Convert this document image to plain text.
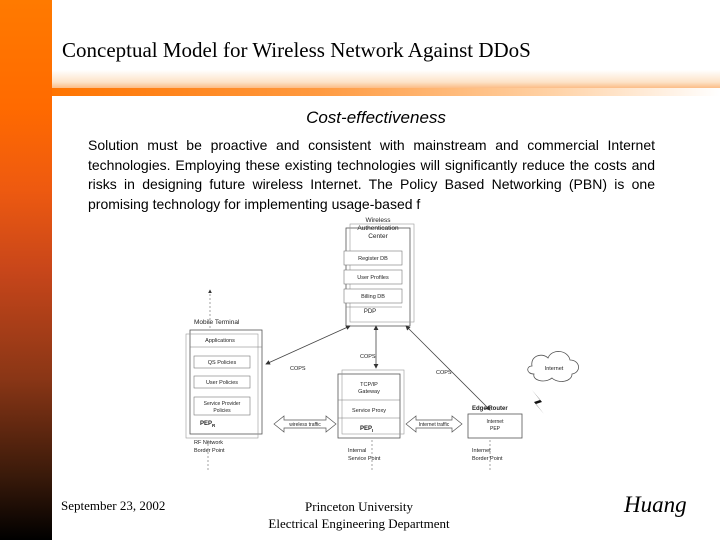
Conceptual Model for Wireless Network Against DDoS
Cost-effectiveness
Solution must be proactive and consistent with mainstream and commercial Internet technologies. Employing these existing technologies will significantly reduce the costs and risks in designing future wireless Internet. The Policy Based Networking (PBN) is one promising technology for implementing usage-based f
Wireless
Authentication
Center
Register DB
User Profiles
Billing DB
PDP
Mobile Terminal
Applications
QS Policies
User Policies
Service Provider
Policies
$PEP_R$
TCP/IP
Gateway
Service Proxy
$PEP_I$
Edge Router
Internet
PEP
Internet
COPS
COPS
COPS
wireless traffic	Internet traffic
RF Network
Border Point	Internal
Service Point
Internet
Border Point
September 23, 2002	Princeton University
Electrical Engineering Department
Huang
